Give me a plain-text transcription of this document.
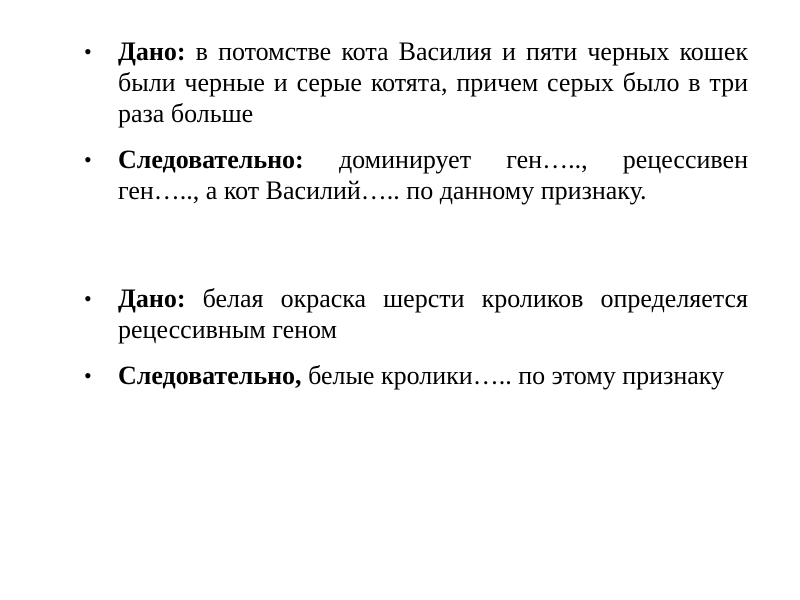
•	Дано: в потомстве кота Василия и пяти черных кошек были черные и серые котята, причем серых было в три раза больше
•	Следовательно: доминирует ген….., рецессивен ген….., а кот Василий….. по данному признаку.
•	Дано: белая окраска шерсти кроликов определяется рецессивным геном
•	Следовательно, белые кролики….. по этому признаку
